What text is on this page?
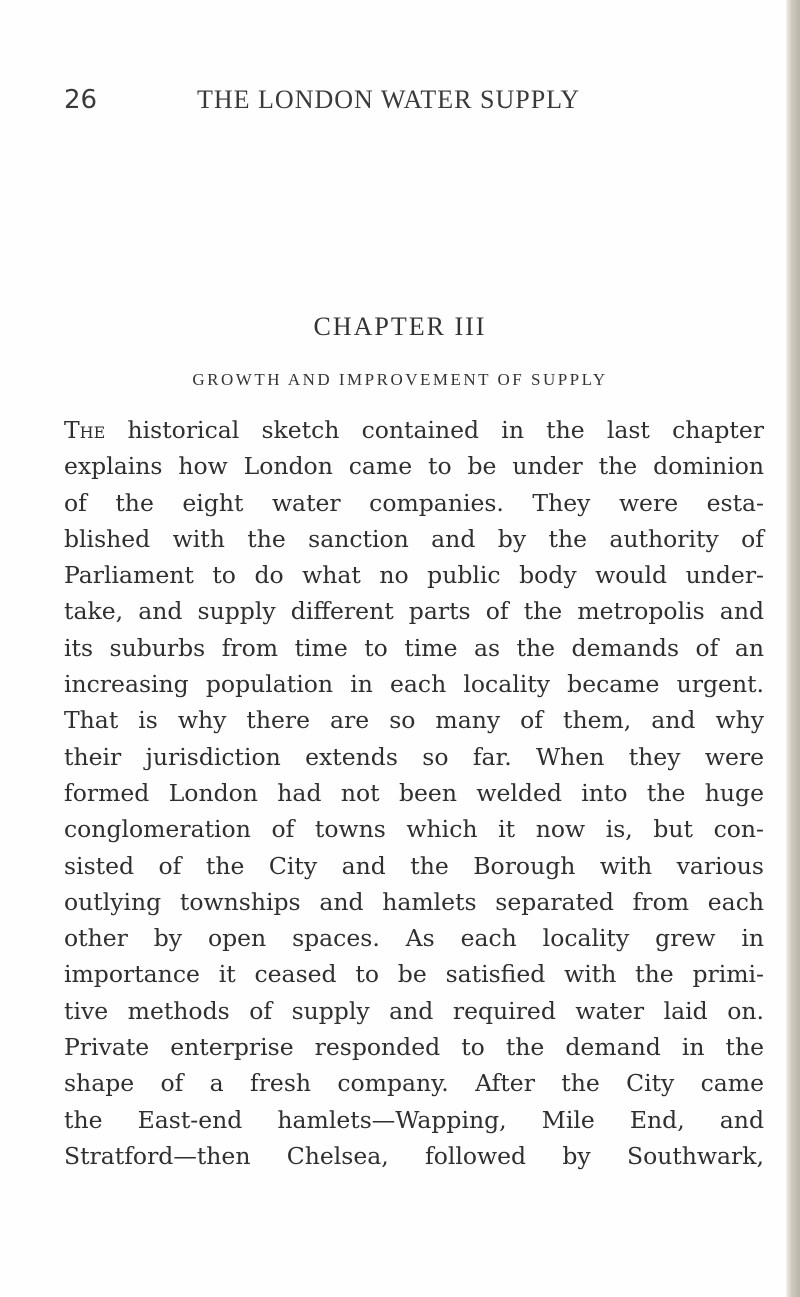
26	THE LONDON WATER SUPPLY
CHAPTER III
GROWTH AND IMPROVEMENT OF SUPPLY
The historical sketch contained in the last chapter
explains how London came to be under the dominion
of the eight water companies. They were esta-
blished with the sanction and by the authority of
Parliament to do what no public body would under-
take, and supply different parts of the metropolis and
its suburbs from time to time as the demands of an
increasing population in each locality became urgent.
That is why there are so many of them, and why
their jurisdiction extends so far. When they were
formed London had not been welded into the huge
conglomeration of towns which it now is, but con-
sisted of the City and the Borough with various
outlying townships and hamlets separated from each
other by open spaces. As each locality grew in
importance it ceased to be satisfied with the primi-
tive methods of supply and required water laid on.
Private enterprise responded to the demand in the
shape of a fresh company. After the City came
the East-end hamlets—Wapping, Mile End, and
Stratford—then Chelsea, followed by Southwark,
